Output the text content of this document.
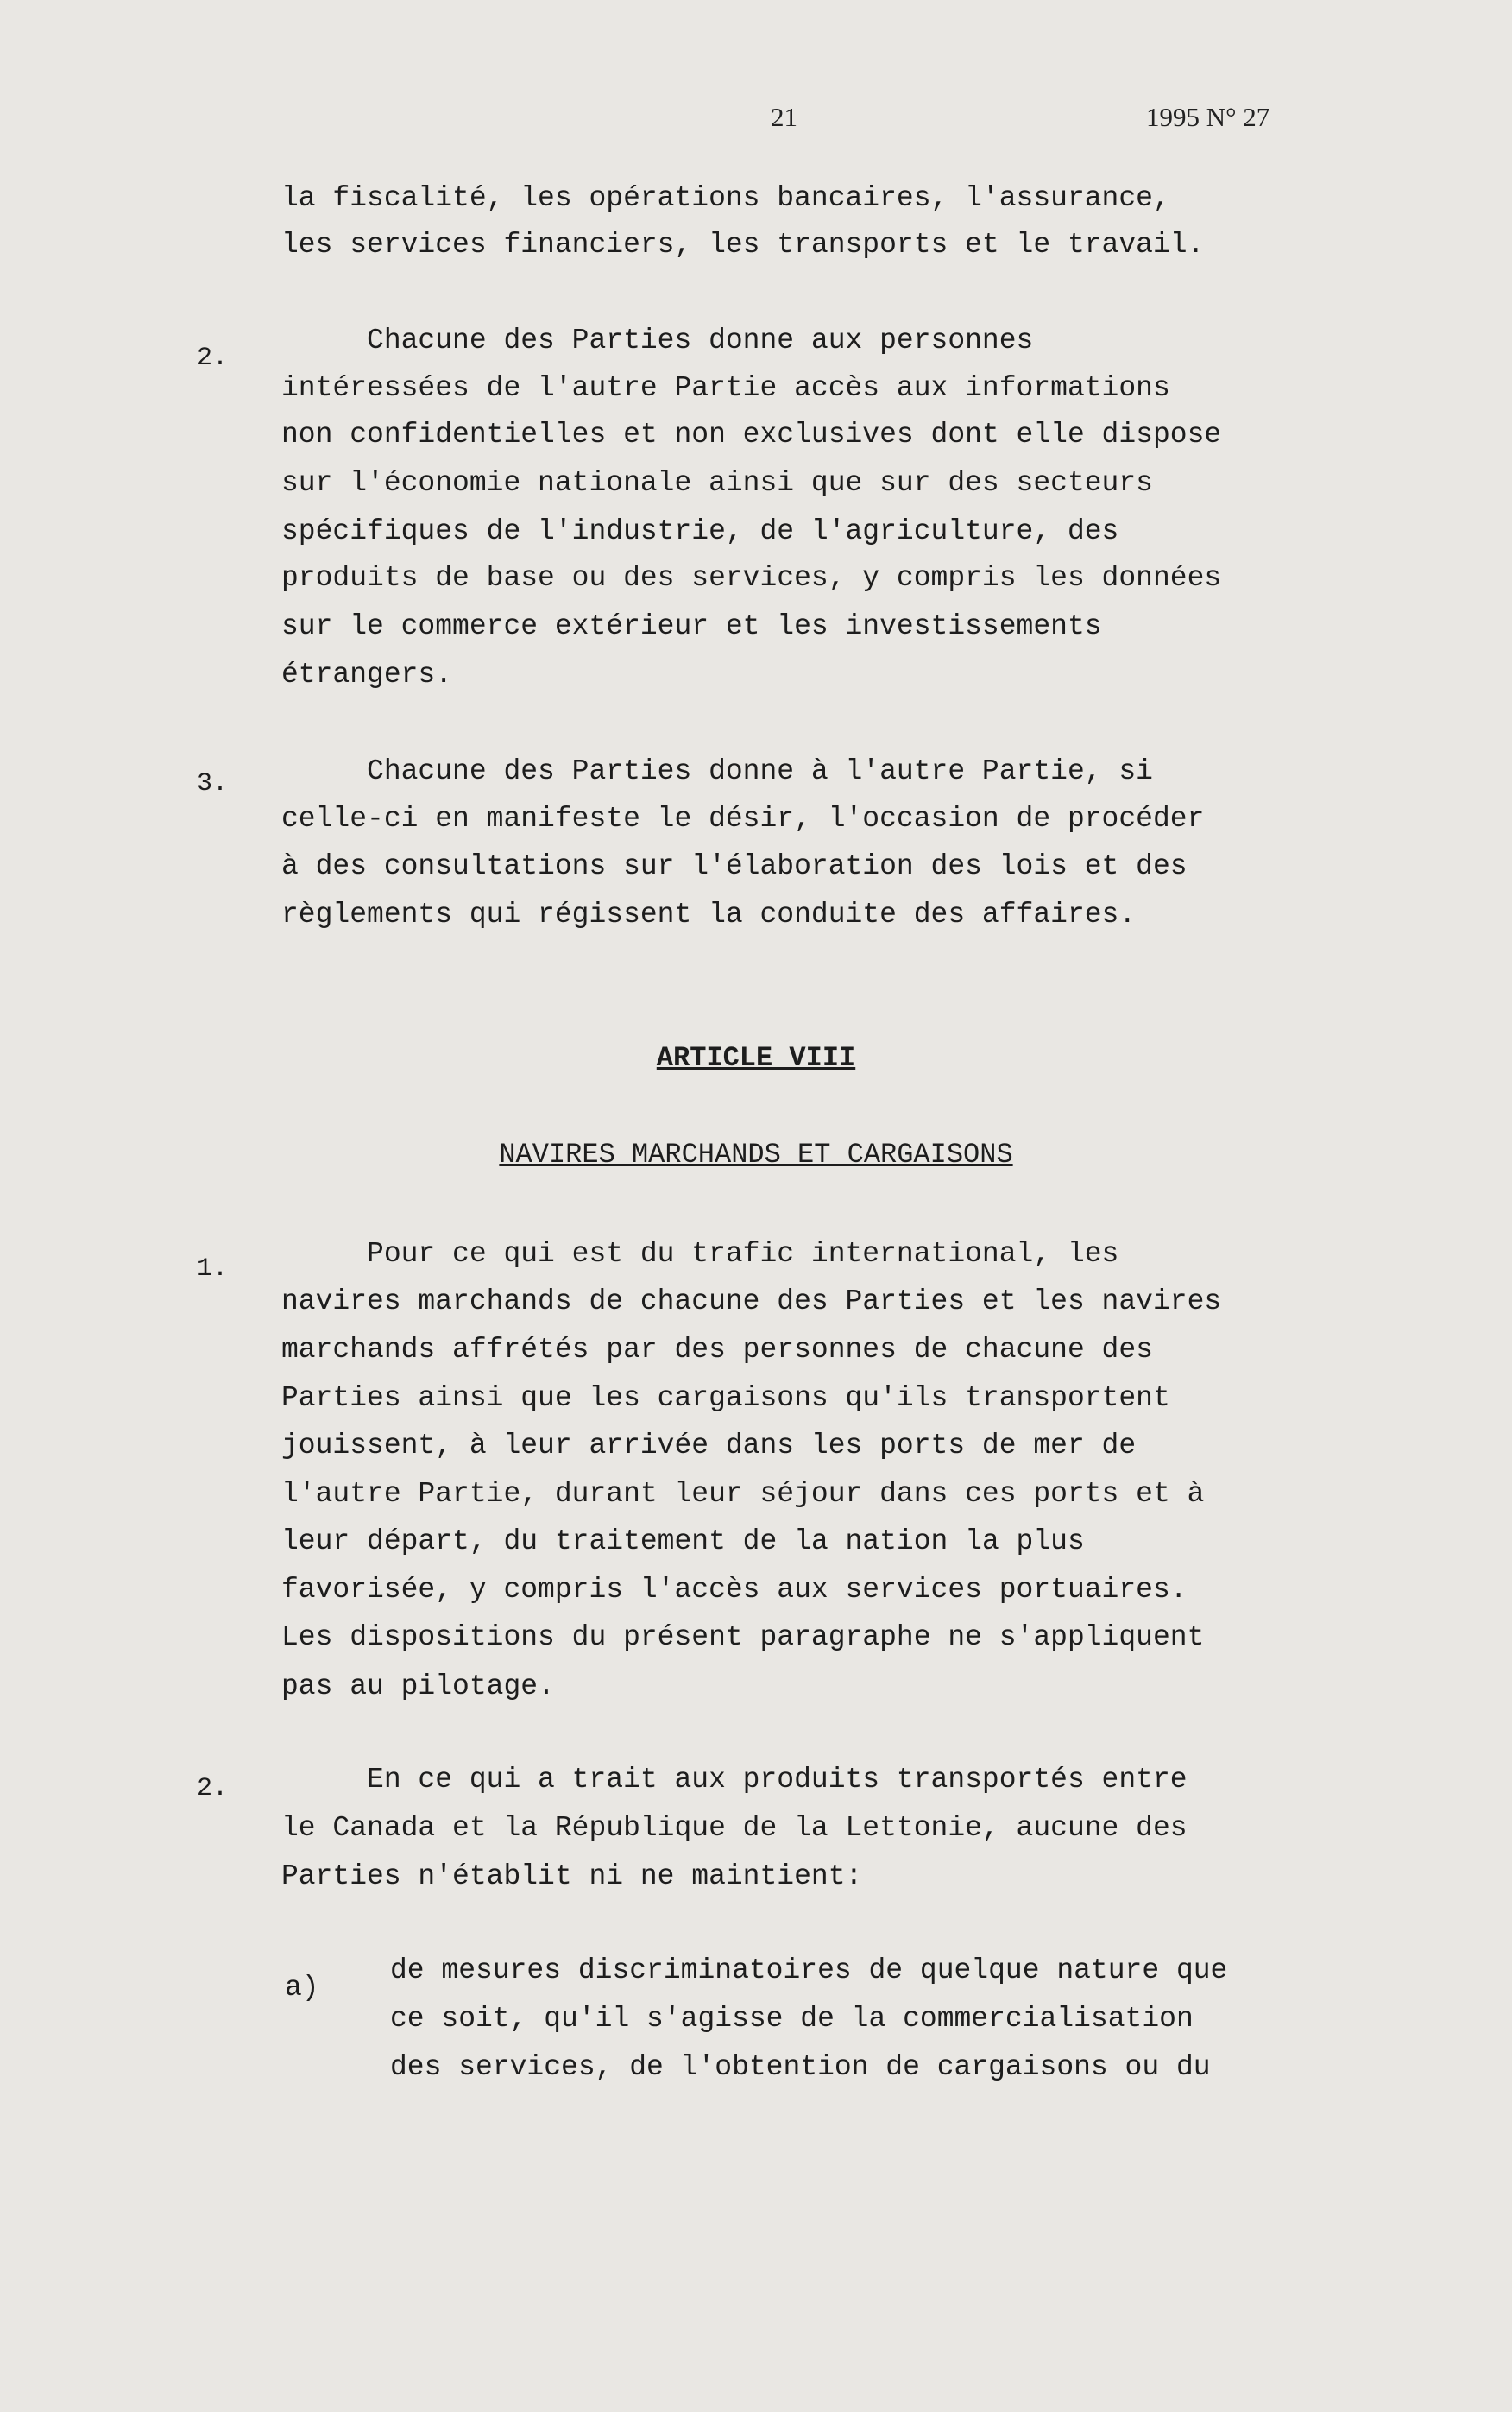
21	1995 N° 27
la fiscalité, les opérations bancaires, l'assurance,
les services financiers, les transports et le travail.
2.
Chacune des Parties donne aux personnes
intéressées de l'autre Partie accès aux informations
non confidentielles et non exclusives dont elle dispose
sur l'économie nationale ainsi que sur des secteurs
spécifiques de l'industrie, de l'agriculture, des
produits de base ou des services, y compris les données
sur le commerce extérieur et les investissements
étrangers.
3. Chacune des Parties donne à l'autre Partie, si
celle-ci en manifeste le désir, l'occasion de procéder
à des consultations sur l'élaboration des lois et des
règlements qui régissent la conduite des affaires.
ARTICLE VIII
NAVIRES MARCHANDS ET CARGAISONS
1. Pour ce qui est du trafic international, les
navires marchands de chacune des Parties et les navires
marchands affrétés par des personnes de chacune des
Parties ainsi que les cargaisons qu'ils transportent
jouissent, à leur arrivée dans les ports de mer de
l'autre Partie, durant leur séjour dans ces ports et à
leur départ, du traitement de la nation la plus
favorisée, y compris l'accès aux services portuaires.
Les dispositions du présent paragraphe ne s'appliquent
pas au pilotage.
2. En ce qui a trait aux produits transportés entre
le Canada et la République de la Lettonie, aucune des
Parties n'établit ni ne maintient:
a)
de mesures discriminatoires de quelque nature que
ce soit, qu'il s'agisse de la commercialisation
des services, de l'obtention de cargaisons ou du
